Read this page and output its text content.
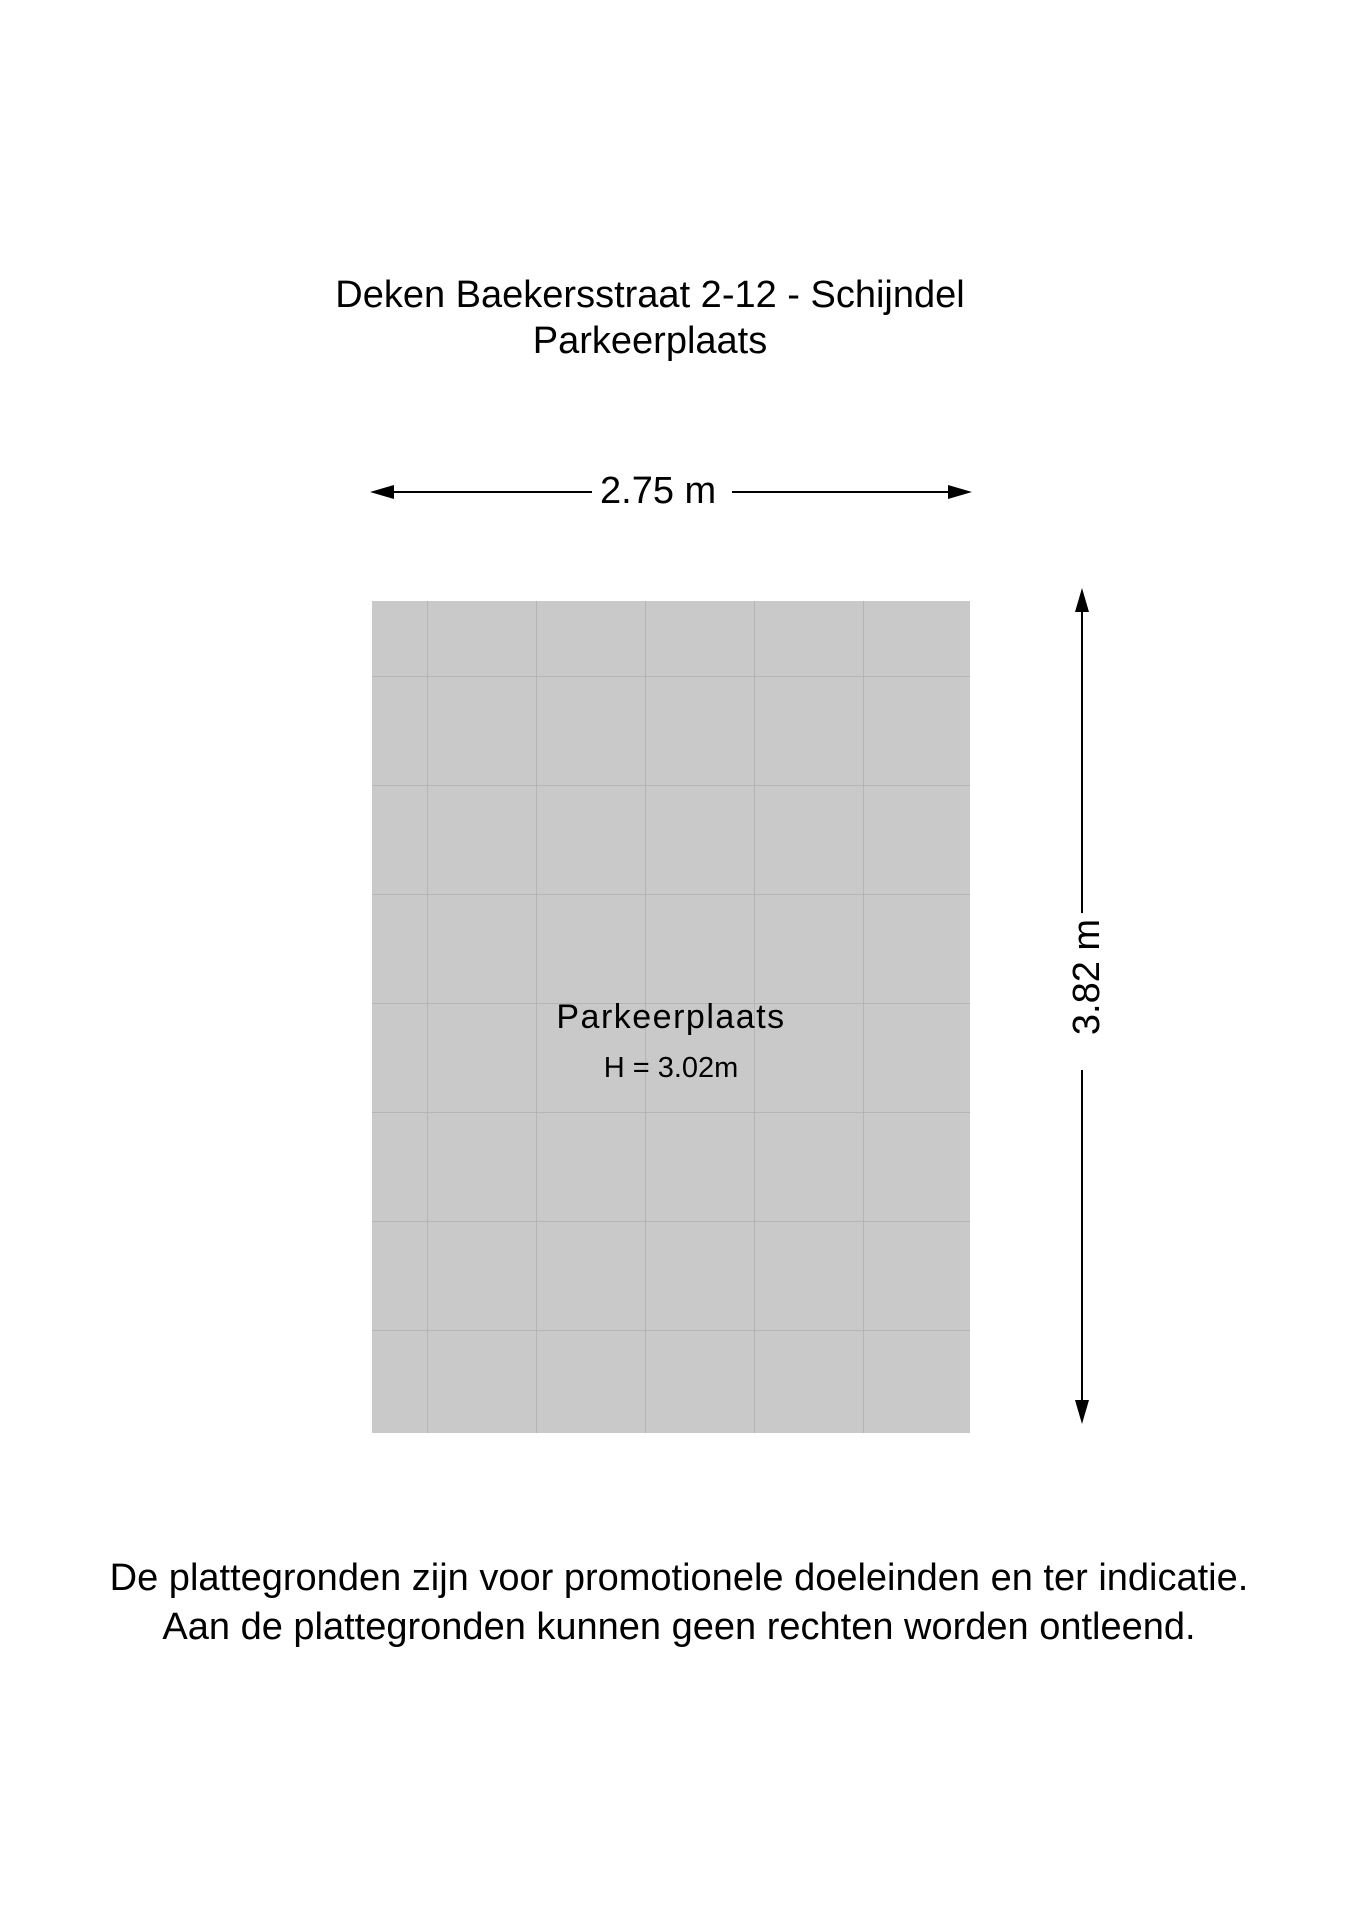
Deken Baekersstraat 2-12 - Schijndel
Parkeerplaats
2.75 m
3.82 m
Parkeerplaats
H = 3.02m
De plattegronden zijn voor promotionele doeleinden en ter indicatie.
Aan de plattegronden kunnen geen rechten worden ontleend.
